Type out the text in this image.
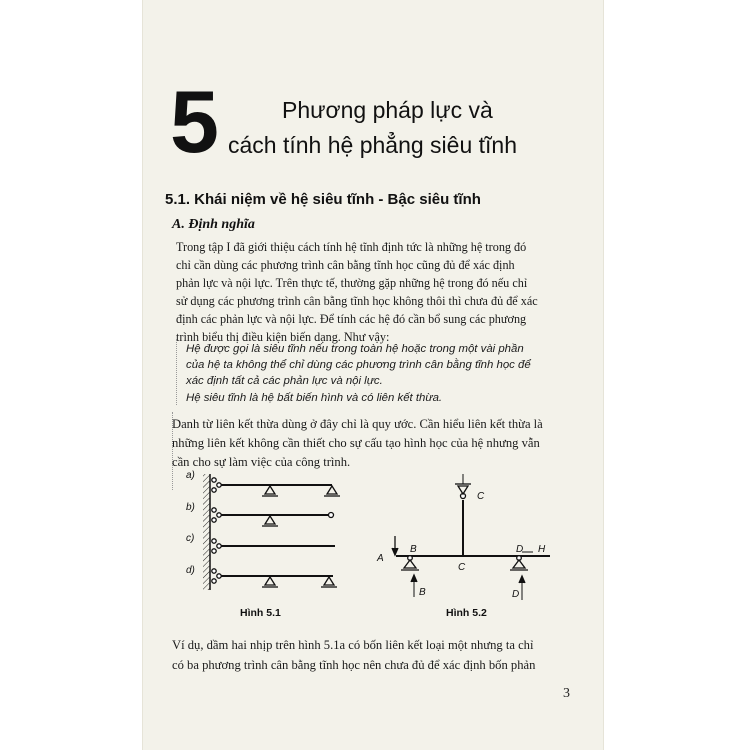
5	Phương pháp lực và
cách tính hệ phẳng siêu tĩnh
5.1. Khái niệm về hệ siêu tĩnh - Bậc siêu tĩnh
A. Định nghĩa
Trong tập I đã giới thiệu cách tính hệ tĩnh định tức là những hệ trong đó
chỉ cần dùng các phương trình cân bằng tĩnh học cũng đủ để xác định
phản lực và nội lực. Trên thực tế, thường gặp những hệ trong đó nếu chỉ
sử dụng các phương trình cân bằng tĩnh học không thôi thì chưa đủ để xác
định các phản lực và nội lực. Để tính các hệ đó cần bổ sung các phương
trình biểu thị điều kiện biến dạng. Như vậy:
Hệ được gọi là siêu tĩnh nếu trong toàn hệ hoặc trong một vài phần
của hệ ta không thể chỉ dùng các phương trình cân bằng tĩnh học để
xác định tất cả các phản lực và nội lực.
Hệ siêu tĩnh là hệ bất biến hình và có liên kết thừa.
Danh từ liên kết thừa dùng ở đây chỉ là quy ước. Cần hiểu liên kết thừa là
những liên kết không cần thiết cho sự cấu tạo hình học của hệ nhưng vẫn
cần cho sự làm việc của công trình.
a)
b)
c)
d)
Hình 5.1
C
A
B
C
D H
B	D
Hình 5.2
Ví dụ, dầm hai nhịp trên hình 5.1a có bốn liên kết loại một nhưng ta chỉ
có ba phương trình cân bằng tĩnh học nên chưa đủ để xác định bốn phản
3
